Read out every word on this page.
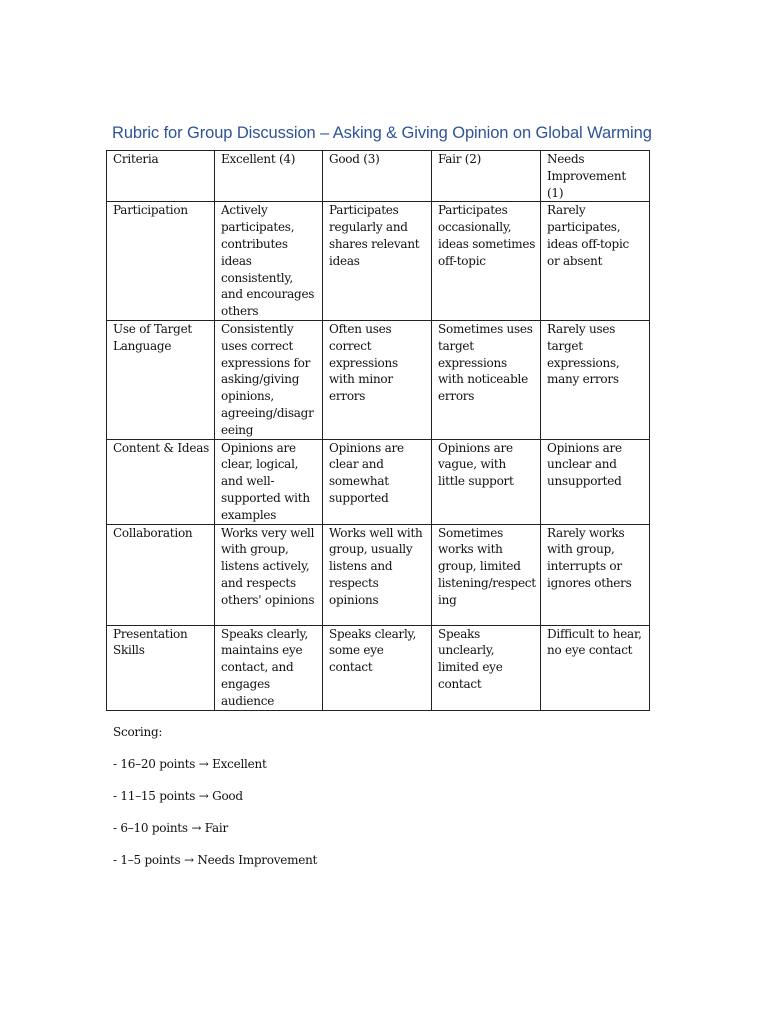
Rubric for Group Discussion – Asking & Giving Opinion on Global Warming
Criteria	Excellent (4)	Good (3)	Fair (2)	Needs Improvement (1)
Participation	Actively participates, contributes ideas consistently, and encourages others	Participates regularly and shares relevant ideas	Participates occasionally, ideas sometimes off-topic	Rarely participates, ideas off-topic or absent
Use of Target Language	Consistently uses correct expressions for asking/giving opinions, agreeing/disagreeing	Often uses correct expressions with minor errors	Sometimes uses target expressions with noticeable errors	Rarely uses target expressions, many errors
Content & Ideas	Opinions are clear, logical, and well-supported with examples	Opinions are clear and somewhat supported	Opinions are vague, with little support	Opinions are unclear and unsupported
Collaboration	Works very well with group, listens actively, and respects others' opinions	Works well with group, usually listens and respects opinions	Sometimes works with group, limited listening/respecting	Rarely works with group, interrupts or ignores others
Presentation Skills	Speaks clearly, maintains eye contact, and engages audience	Speaks clearly, some eye contact	Speaks unclearly, limited eye contact	Difficult to hear, no eye contact

Scoring:

- 16–20 points → Excellent

- 11–15 points → Good

- 6–10 points → Fair

- 1–5 points → Needs Improvement
